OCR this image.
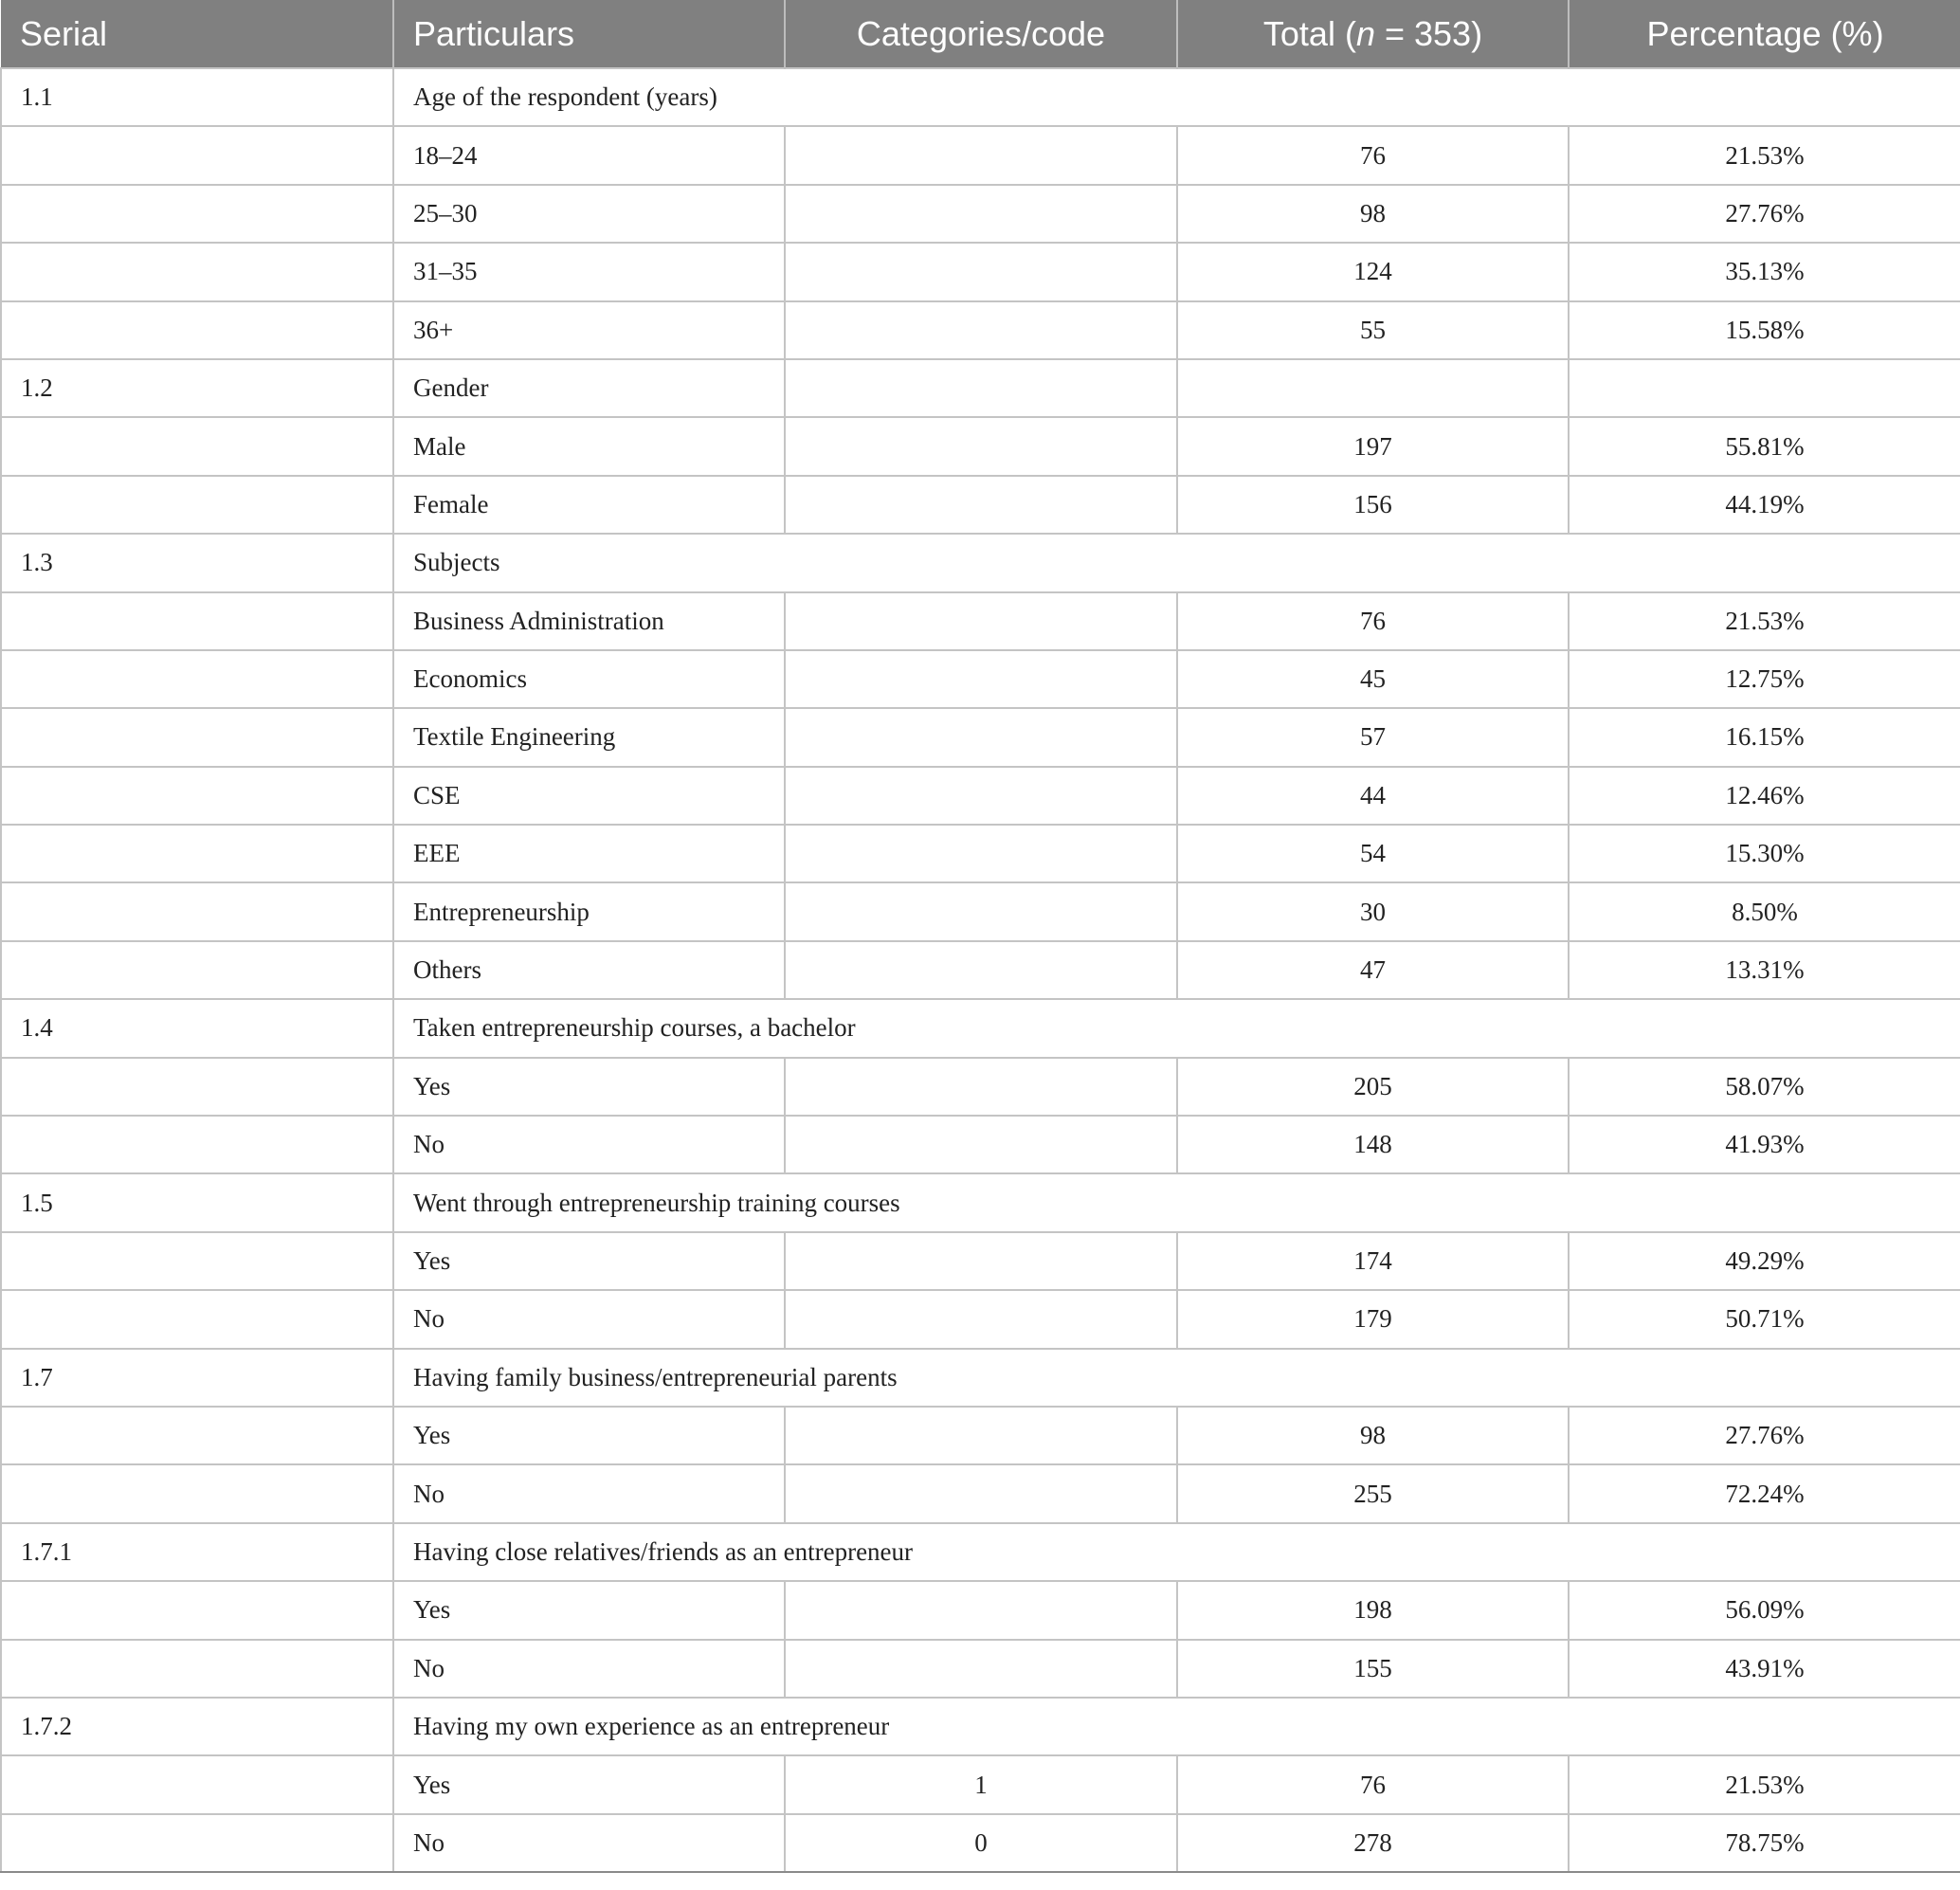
Serial	Particulars	Categories/code	Total (n = 353)	Percentage (%)
1.1	Age of the respondent (years)			
	18–24		76	21.53%
	25–30		98	27.76%
	31–35		124	35.13%
	36+		55	15.58%
1.2	Gender			
	Male		197	55.81%
	Female		156	44.19%
1.3	Subjects			
	Business Administration		76	21.53%
	Economics		45	12.75%
	Textile Engineering		57	16.15%
	CSE		44	12.46%
	EEE		54	15.30%
	Entrepreneurship		30	8.50%
	Others		47	13.31%
1.4	Taken entrepreneurship courses, a bachelor			
	Yes		205	58.07%
	No		148	41.93%
1.5	Went through entrepreneurship training courses			
	Yes		174	49.29%
	No		179	50.71%
1.7	Having family business/entrepreneurial parents			
	Yes		98	27.76%
	No		255	72.24%
1.7.1	Having close relatives/friends as an entrepreneur			
	Yes		198	56.09%
	No		155	43.91%
1.7.2	Having my own experience as an entrepreneur			
	Yes	1	76	21.53%
	No	0	278	78.75%
